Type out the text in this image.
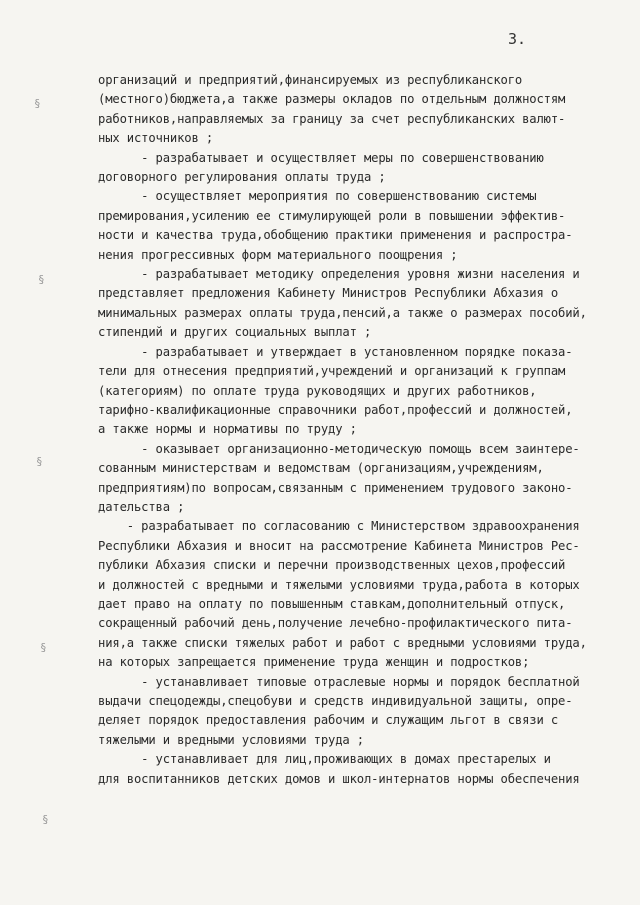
3.
§
§
§
§
§
организаций и предприятий,финансируемых из республиканского
(местного)бюджета,а также размеры окладов по отдельным должностям
работников,направляемых за границу за счет республиканских валют-
ных источников ;
- разрабатывает и осуществляет меры по совершенствованию
договорного регулирования оплаты труда ;
- осуществляет мероприятия по совершенствованию системы
премирования,усилению ее стимулирующей роли в повышении эффектив-
ности и качества труда,обобщению практики применения и распростра-
нения прогрессивных форм материального поощрения ;
- разрабатывает методику определения уровня жизни населения и
представляет предложения Кабинету Министров Республики Абхазия о
минимальных размерах оплаты труда,пенсий,а также о размерах пособий,
стипендий и других социальных выплат ;
- разрабатывает и утверждает в установленном порядке показа-
тели для отнесения предприятий,учреждений и организаций к группам
(категориям) по оплате труда руководящих и других работников,
тарифно-квалификационные справочники работ,профессий и должностей,
а также нормы и нормативы по труду ;
- оказывает организационно-методическую помощь всем заинтере-
сованным министерствам и ведомствам (организациям,учреждениям,
предприятиям)по вопросам,связанным с применением трудового законо-
дательства ;
- разрабатывает по согласованию с Министерством здравоохранения
Республики Абхазия и вносит на рассмотрение Кабинета Министров Рес-
публики Абхазия списки и перечни производственных цехов,профессий
и должностей с вредными и тяжелыми условиями труда,работа в которых
дает право на оплату по повышенным ставкам,дополнительный отпуск,
сокращенный рабочий день,получение лечебно-профилактического пита-
ния,а также списки тяжелых работ и работ с вредными условиями труда,
на которых запрещается применение труда женщин и подростков;
- устанавливает типовые отраслевые нормы и порядок бесплатной
выдачи спецодежды,спецобуви и средств индивидуальной защиты, опре-
деляет порядок предоставления рабочим и служащим льгот в связи с
тяжелыми и вредными условиями труда ;
- устанавливает для лиц,проживающих в домах престарелых и
для воспитанников детских домов и школ-интернатов нормы обеспечения
